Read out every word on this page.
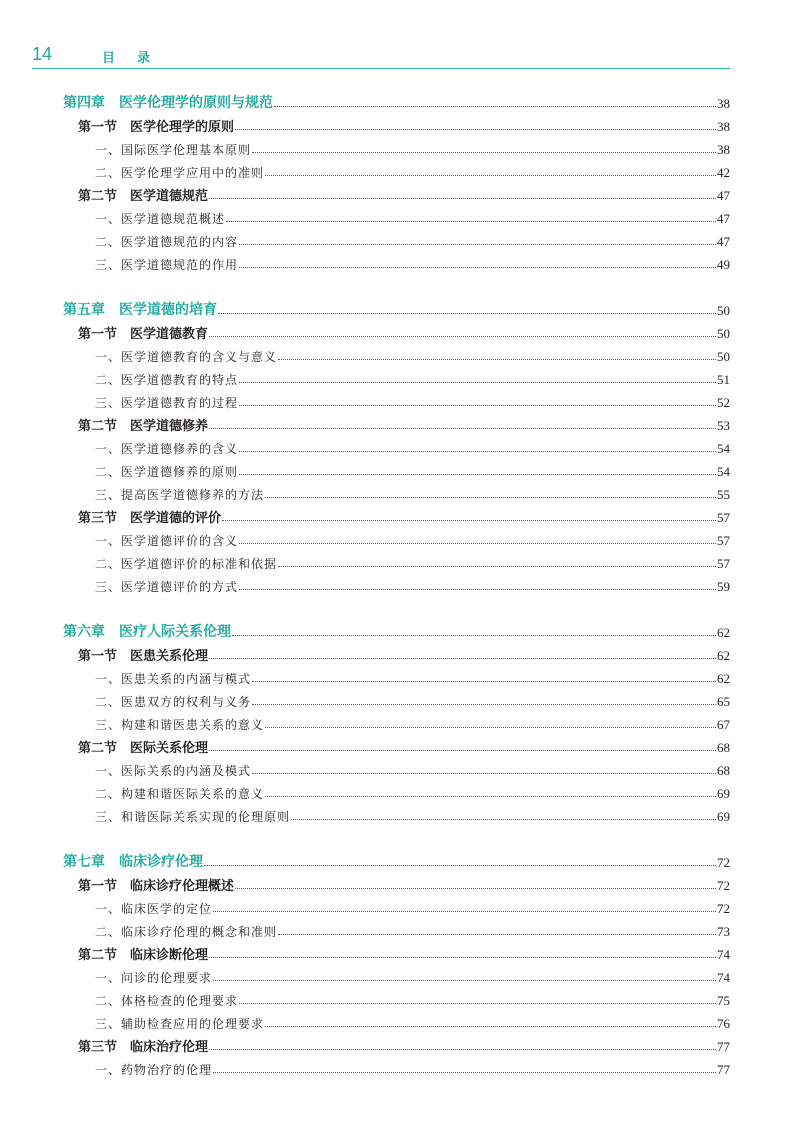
14	目录
第四章　医学伦理学的原则与规范	38
第一节　医学伦理学的原则	38
一、国际医学伦理基本原则	38
二、医学伦理学应用中的准则	42
第二节　医学道德规范	47
一、医学道德规范概述	47
二、医学道德规范的内容	47
三、医学道德规范的作用	49
第五章　医学道德的培育	50
第一节　医学道德教育	50
一、医学道德教育的含义与意义	50
二、医学道德教育的特点	51
三、医学道德教育的过程	52
第二节　医学道德修养	53
一、医学道德修养的含义	54
二、医学道德修养的原则	54
三、提高医学道德修养的方法	55
第三节　医学道德的评价	57
一、医学道德评价的含义	57
二、医学道德评价的标准和依据	57
三、医学道德评价的方式	59
第六章　医疗人际关系伦理	62
第一节　医患关系伦理	62
一、医患关系的内涵与模式	62
二、医患双方的权利与义务	65
三、构建和谐医患关系的意义	67
第二节　医际关系伦理	68
一、医际关系的内涵及模式	68
二、构建和谐医际关系的意义	69
三、和谐医际关系实现的伦理原则	69
第七章　临床诊疗伦理	72
第一节　临床诊疗伦理概述	72
一、临床医学的定位	72
二、临床诊疗伦理的概念和准则	73
第二节　临床诊断伦理	74
一、问诊的伦理要求	74
二、体格检查的伦理要求	75
三、辅助检查应用的伦理要求	76
第三节　临床治疗伦理	77
一、药物治疗的伦理	77
